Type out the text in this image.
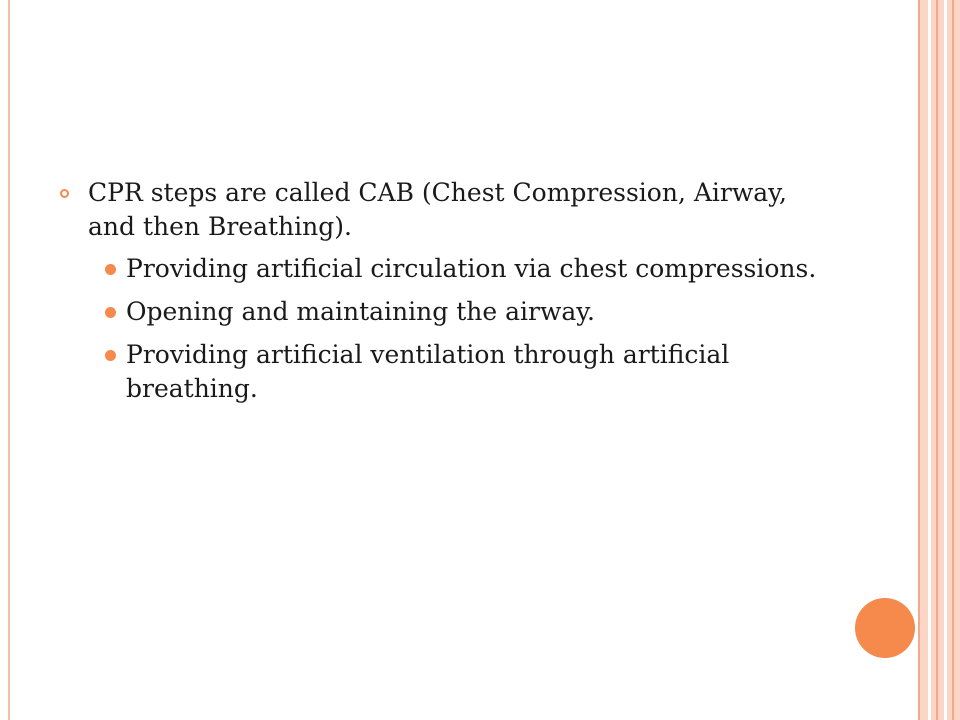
CPR steps are called CAB (Chest Compression, Airway, and then Breathing).
Providing artificial circulation via chest compressions.
Opening and maintaining the airway.
Providing artificial ventilation through artificial breathing.
